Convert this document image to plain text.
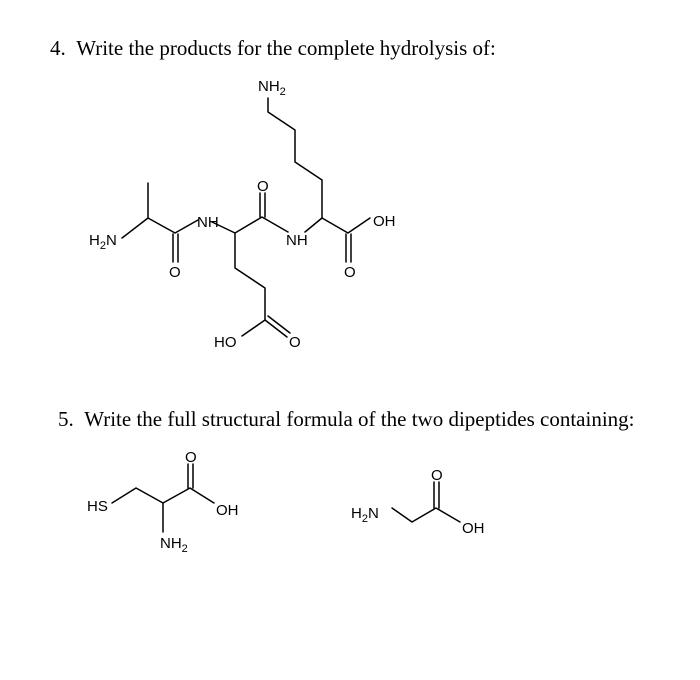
4. Write the products for the complete hydrolysis of:
5. Write the full structural formula of the two dipeptides containing:
$NH_2$
$H_2N$
NH
NH
OH
O
O
O
HO	O
HS	OH
O
$NH_2$
$H_2N$
OH
O
